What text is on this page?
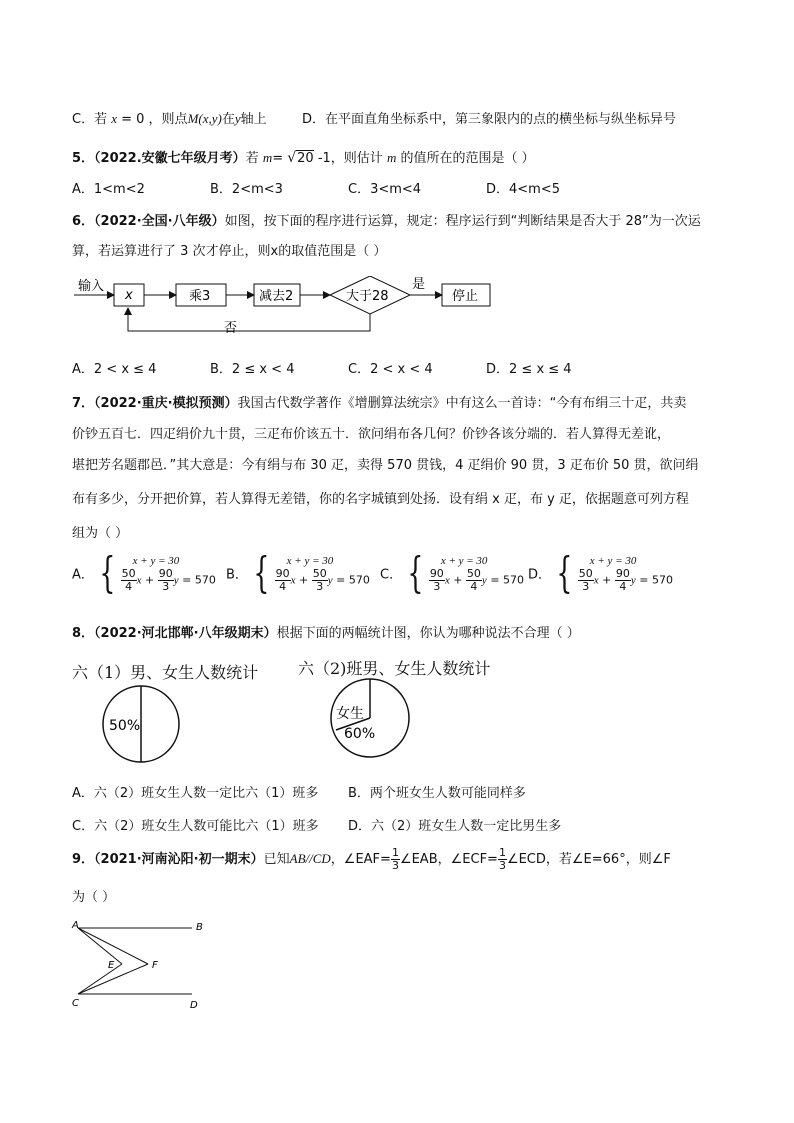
C．若 x = 0 ，则点M(x,y)在y轴上	D．在平面直角坐标系中，第三象限内的点的横坐标与纵坐标异号
5．（2022.安徽七年级月考）若 m= √20 -1，则估计 m 的值所在的范围是（ ）
A．1<m<2	B．2<m<3	C．3<m<4	D．4<m<5
6．（2022·全国·八年级）如图，按下面的程序进行运算，规定：程序运行到“判断结果是否大于 28”为一次运
算，若运算进行了 3 次才停止，则x的取值范围是（ ）
输入
x	乘3	减去2	大于28
是
停止
否
A．2 < x ≤ 4	B．2 ≤ x < 4	C．2 < x < 4	D．2 ≤ x ≤ 4
7．（2022·重庆·模拟预测）我国古代数学著作《增删算法统宗》中有这么一首诗：“今有布绢三十疋，共卖
价钞五百七．四疋绢价九十贯，三疋布价该五十．欲问绢布各几何？价钞各该分端的．若人算得无差讹，
堪把芳名题郡邑．”其大意是：今有绢与布 30 疋，卖得 570 贯钱，4 疋绢价 90 贯，3 疋布价 50 贯，欲问绢
布有多少，分开把价算，若人算得无差错，你的名字城镇到处扬．设有绢 x 疋，布 y 疋，依据题意可列方程
组为（ ）
A． {	x + y = 30
$\frac{50}{4}$ $x + \frac{90}{3}$ y = 570 B． {	x + y = 30
$\frac{90}{4}$ $x + \frac{50}{3}$ y = 570 C． {	x + y = 30
$\frac{90}{3}$ $x + \frac{50}{4}$ y = 570 D． {	x + y = 30
$\frac{50}{3}$ $x + \frac{90}{4}$ y = 570
8．（2022·河北邯郸·八年级期末）根据下面的两幅统计图，你认为哪种说法不合理（ ）
六（1）男、女生人数统计
50%
六（2)班男、女生人数统计
女生
60%
A．六（2）班女生人数一定比六（1）班多 B．两个班女生人数可能同样多
C．六（2）班女生人数可能比六（1）班多 D．六（2）班女生人数一定比男生多
9．（2021·河南沁阳·初一期末）已知AB//CD，∠EAF= $\frac{1}{3}$ ∠EAB，∠ECF= $\frac{1}{3}$ ∠ECD，若∠E=66°，则∠F
为（ ）
A	B
C	D
E	F
